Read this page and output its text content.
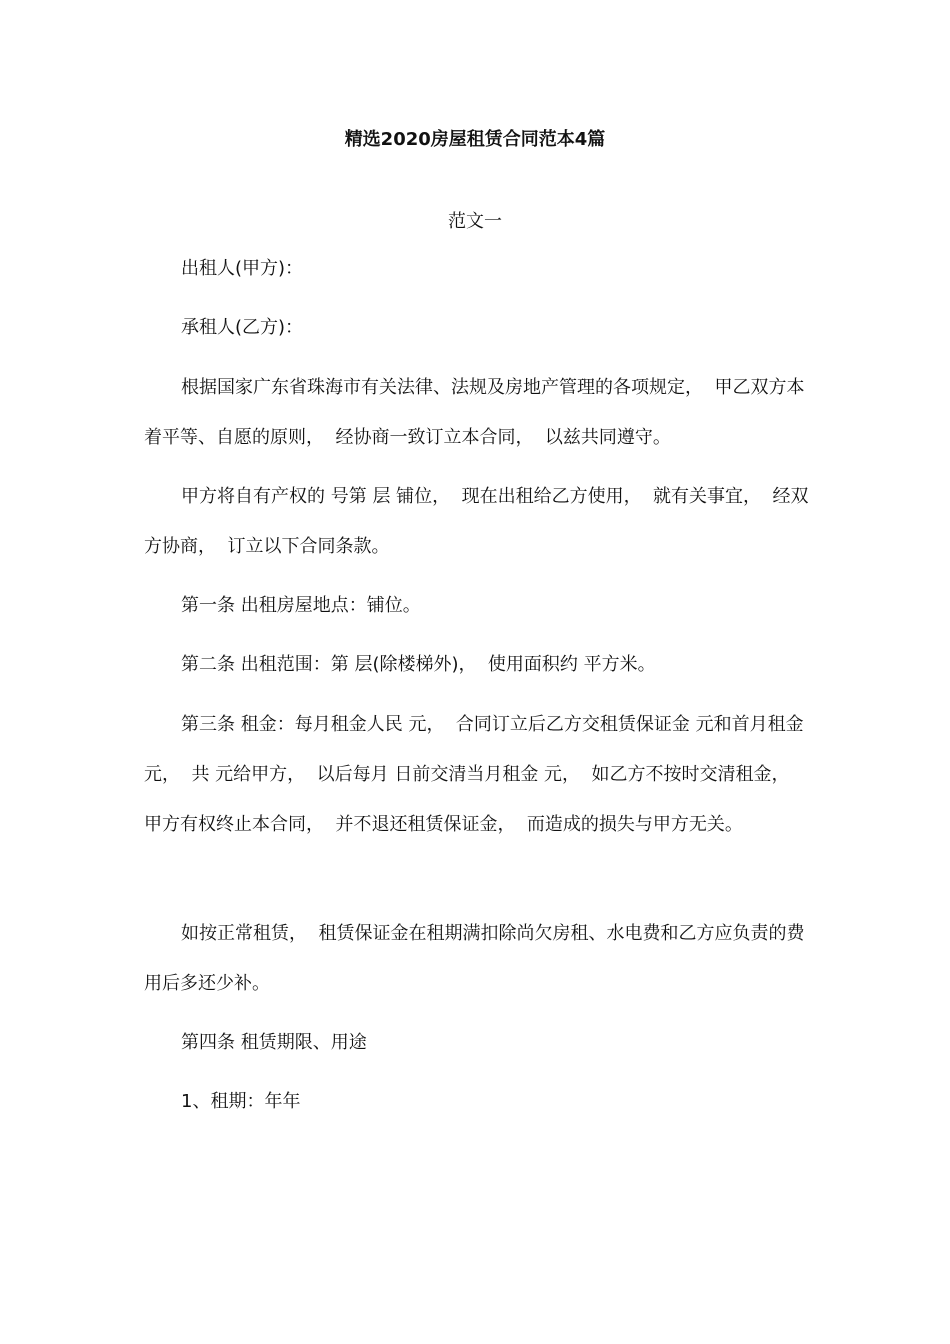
精选2020房屋租赁合同范本4篇
范文一

出租人(甲方)：

承租人(乙方)：

根据国家广东省珠海市有关法律、法规及房地产管理的各项规定，  甲乙双方本着平等、自愿的原则，  经协商一致订立本合同，  以兹共同遵守。

甲方将自有产权的 号第 层 铺位，  现在出租给乙方使用，  就有关事宜，  经双方协商，  订立以下合同条款。

第一条 出租房屋地点：铺位。

第二条 出租范围：第 层(除楼梯外)，  使用面积约 平方米。

第三条 租金：每月租金人民 元，  合同订立后乙方交租赁保证金 元和首月租金 元，  共 元给甲方，  以后每月 日前交清当月租金 元，  如乙方不按时交清租金，  甲方有权终止本合同，  并不退还租赁保证金，  而造成的损失与甲方无关。

如按正常租赁，  租赁保证金在租期满扣除尚欠房租、水电费和乙方应负责的费用后多还少补。

第四条 租赁期限、用途

1、租期：年年
